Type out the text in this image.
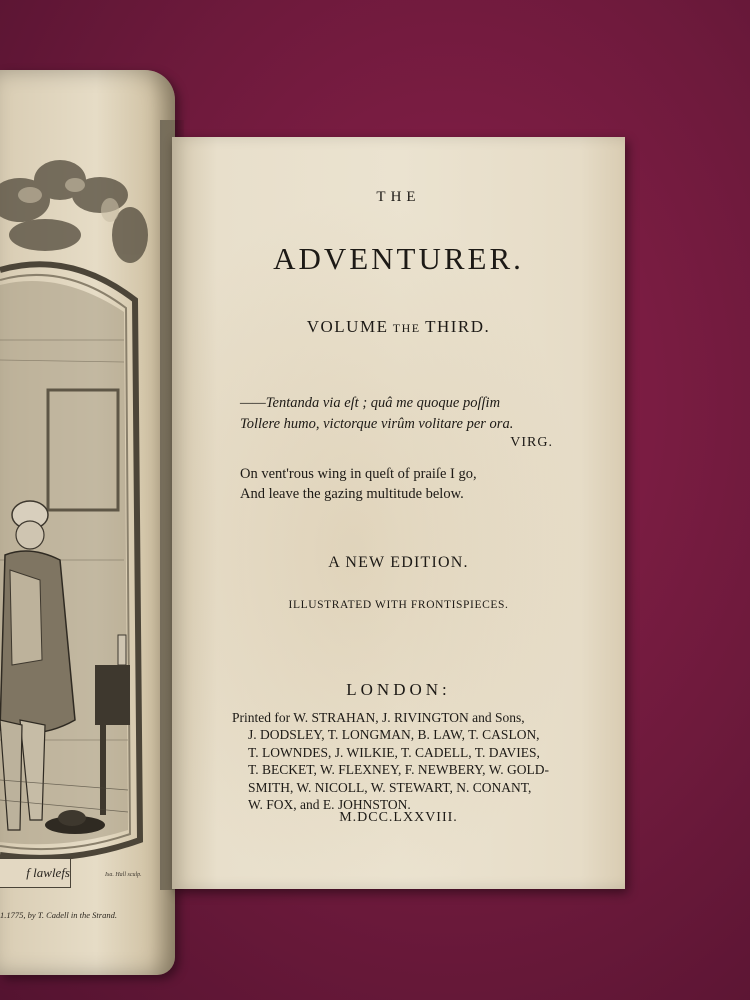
f lawlefs	Isa. Hall sculp.
1.1775, by T. Cadell in the Strand.

THE

ADVENTURER.

VOLUME THE THIRD.

——Tentanda via eſt ; quâ me quoque poſſim
Tollere humo, victorque virûm volitare per ora.
VIRG.
On vent'rous wing in queſt of praiſe I go,
And leave the gazing multitude below.

A NEW EDITION.

ILLUSTRATED WITH FRONTISPIECES.

LONDON:

Printed for W. STRAHAN, J. RIVINGTON and Sons,
J. DODSLEY, T. LONGMAN, B. LAW, T. CASLON,
T. LOWNDES, J. WILKIE, T. CADELL, T. DAVIES,
T. BECKET, W. FLEXNEY, F. NEWBERY, W. GOLD-
SMITH, W. NICOLL, W. STEWART, N. CONANT,
W. FOX, and E. JOHNSTON.

M.DCC.LXXVIII.
